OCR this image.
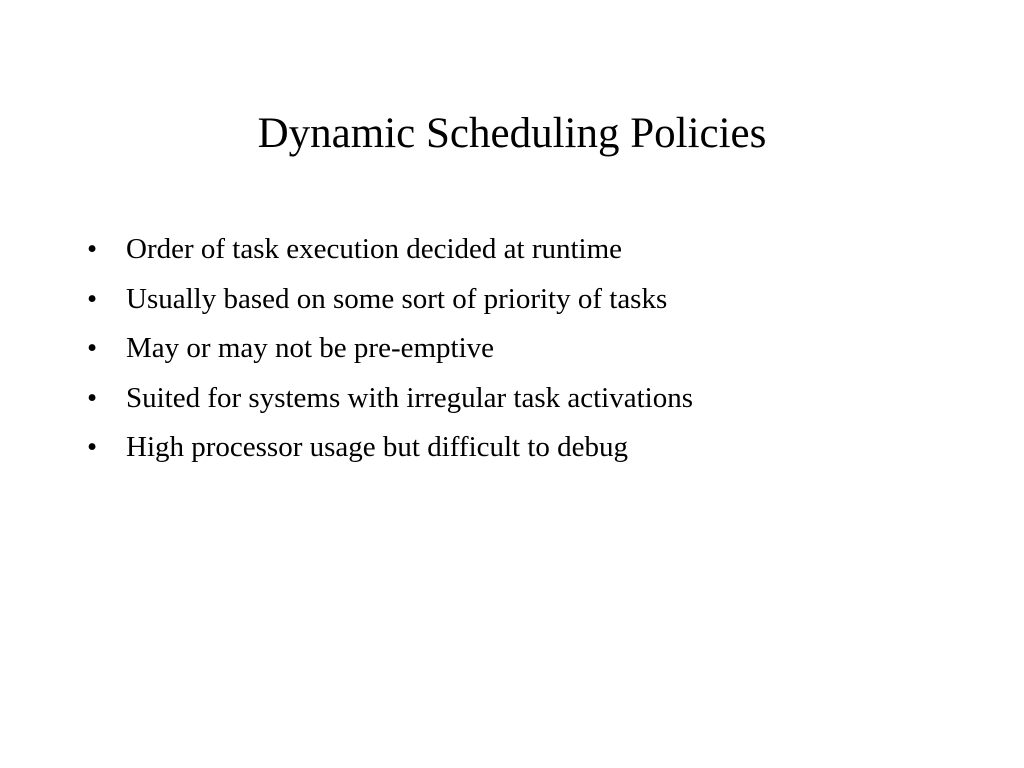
Dynamic Scheduling Policies
• Order of task execution decided at runtime
• Usually based on some sort of priority of tasks
• May or may not be pre-emptive
• Suited for systems with irregular task activations
• High processor usage but difficult to debug
